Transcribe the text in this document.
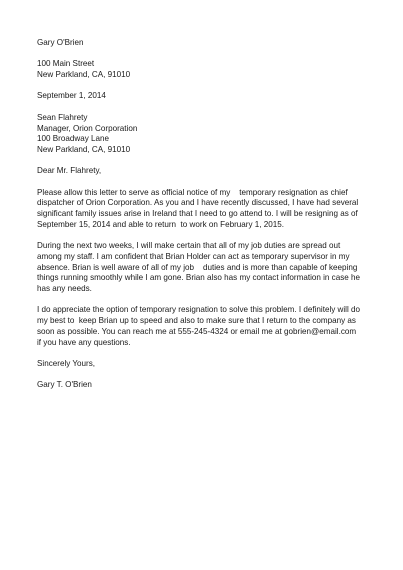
Gary O'Brien
100 Main Street
New Parkland, CA, 91010
September 1, 2014
Sean Flahrety
Manager, Orion Corporation
100 Broadway Lane
New Parkland, CA, 91010
Dear Mr. Flahrety,
Please allow this letter to serve as official notice of my    temporary resignation as chief
dispatcher of Orion Corporation. As you and I have recently discussed, I have had several
significant family issues arise in Ireland that I need to go attend to. I will be resigning as of
September 15, 2014 and able to return  to work on February 1, 2015.
During the next two weeks, I will make certain that all of my job duties are spread out
among my staff. I am confident that Brian Holder can act as temporary supervisor in my
absence. Brian is well aware of all of my job    duties and is more than capable of keeping
things running smoothly while I am gone. Brian also has my contact information in case he
has any needs.
I do appreciate the option of temporary resignation to solve this problem. I definitely will do
my best to  keep Brian up to speed and also to make sure that I return to the company as
soon as possible. You can reach me at 555-245-4324 or email me at gobrien@email.com
if you have any questions.
Sincerely Yours,
Gary T. O'Brien
